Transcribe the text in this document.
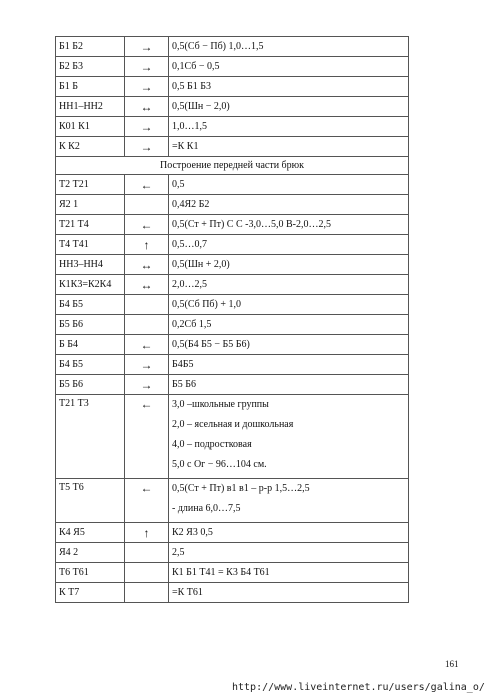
Б1 Б2	→	0,5(Сб − Пб) 1,0…1,5
Б2 Б3	→	0,1Сб − 0,5
Б1 Б	→	0,5 Б1 Б3
НН1–НН2	↔	0,5(Шн − 2,0)
К01 К1	→	1,0…1,5
К К2	→	=К К1
Построение передней части брюк		
Т2 Т21	←	0,5
Я2 1		0,4Я2 Б2
Т21 Т4	←	0,5(Ст + Пт) С С -3,0…5,0 В-2,0…2,5
Т4 Т41	↑	0,5…0,7
НН3–НН4	↔	0,5(Шн + 2,0)
К1К3=К2К4	↔	2,0…2,5
Б4 Б5		0,5(Сб Пб) + 1,0
Б5 Б6		0,2Сб 1,5
Б Б4	←	0,5(Б4 Б5 − Б5 Б6)
Б4 Б5	→	Б4Б5
Б5 Б6	→	Б5 Б6
Т21 Т3	←	3,0 –школьные группы
2,0 – ясельная и дошкольная
4,0 – подростковая
5,0 с Ог − 96…104 см.

Т5 Т6	←	0,5(Ст + Пт) в1 в1 – р-р 1,5…2,5
- длина 6,0…7,5

К4 Я5	↑	К2 Я3 0,5
Я4 2		2,5
Т6 Т61		К1 Б1 Т41 = К3 Б4 Т61
К Т7		=К Т61
161
http://www.liveinternet.ru/users/galina_o/
